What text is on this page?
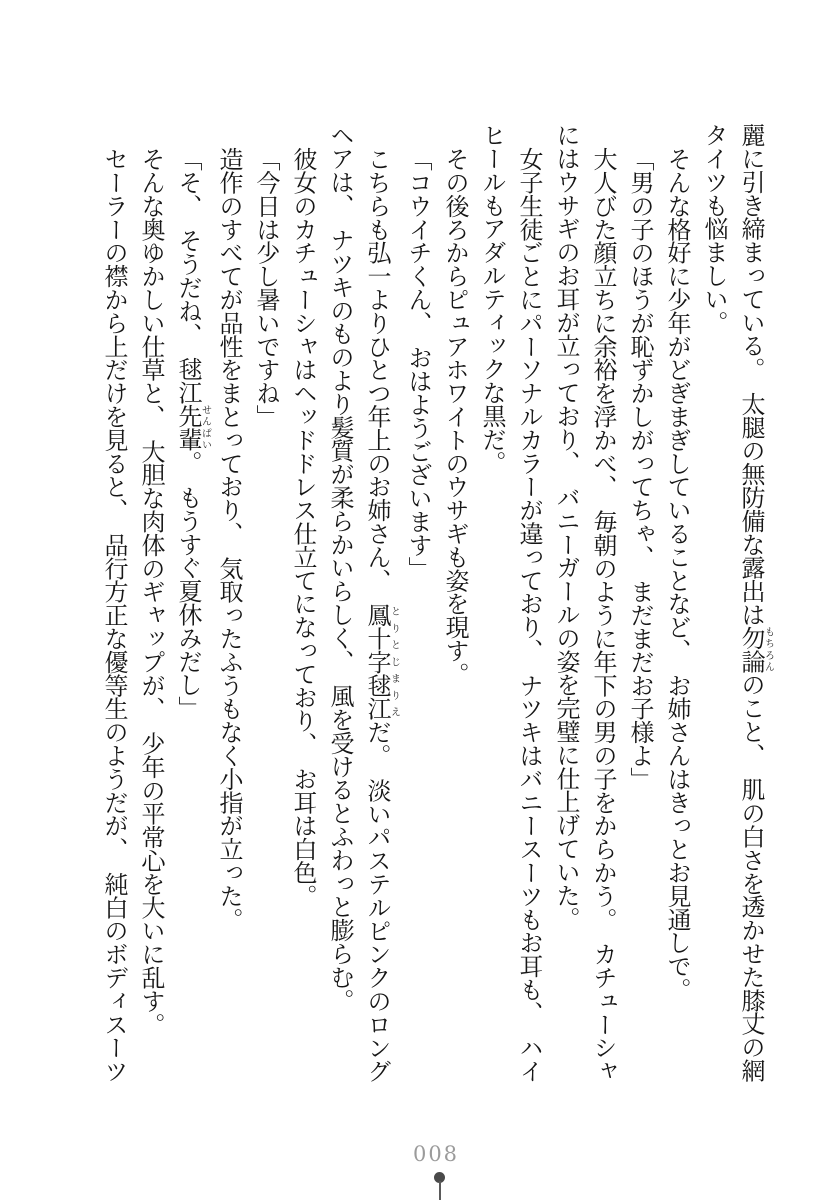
麗に引き締まっている。　太腿の無防備な露出は勿論もちろんのこと、　肌の白さを透かせた膝丈の網タイツも悩ましい。

そんな格好に少年がどぎまぎしていることなど、　お姉さんはきっとお見通しで。

「男の子のほうが恥ずかしがってちゃ、　まだまだお子様よ」

大人びた顔立ちに余裕を浮かべ、　毎朝のように年下の男の子をからかう。　カチューシャにはウサギのお耳が立っており、　バニーガールの姿を完璧に仕上げていた。

女子生徒ごとにパーソナルカラーが違っており、　ナツキはバニースーツもお耳も、　ハイヒールもアダルティックな黒だ。

その後ろからピュアホワイトのウサギも姿を現す。

「コウイチくん、　おはようございます」

こちらも弘一よりひとつ年上のお姉さん、　鳳十字毬江とりとじまりえだ。　淡いパステルピンクのロングヘアは、　ナツキのものより髪質が柔らかいらしく、　風を受けるとふわっと膨らむ。

彼女のカチューシャはヘッドドレス仕立てになっており、　お耳は白色。

「今日は少し暑いですね」

造作のすべてが品性をまとっており、　気取ったふうもなく小指が立った。

「そ、　そうだね、　毬江先輩せんぱい。　もうすぐ夏休みだし」

そんな奥ゆかしい仕草と、　大胆な肉体のギャップが、　少年の平常心を大いに乱す。

セーラーの襟から上だけを見ると、　品行方正な優等生のようだが、　純白のボディスーツ

008
